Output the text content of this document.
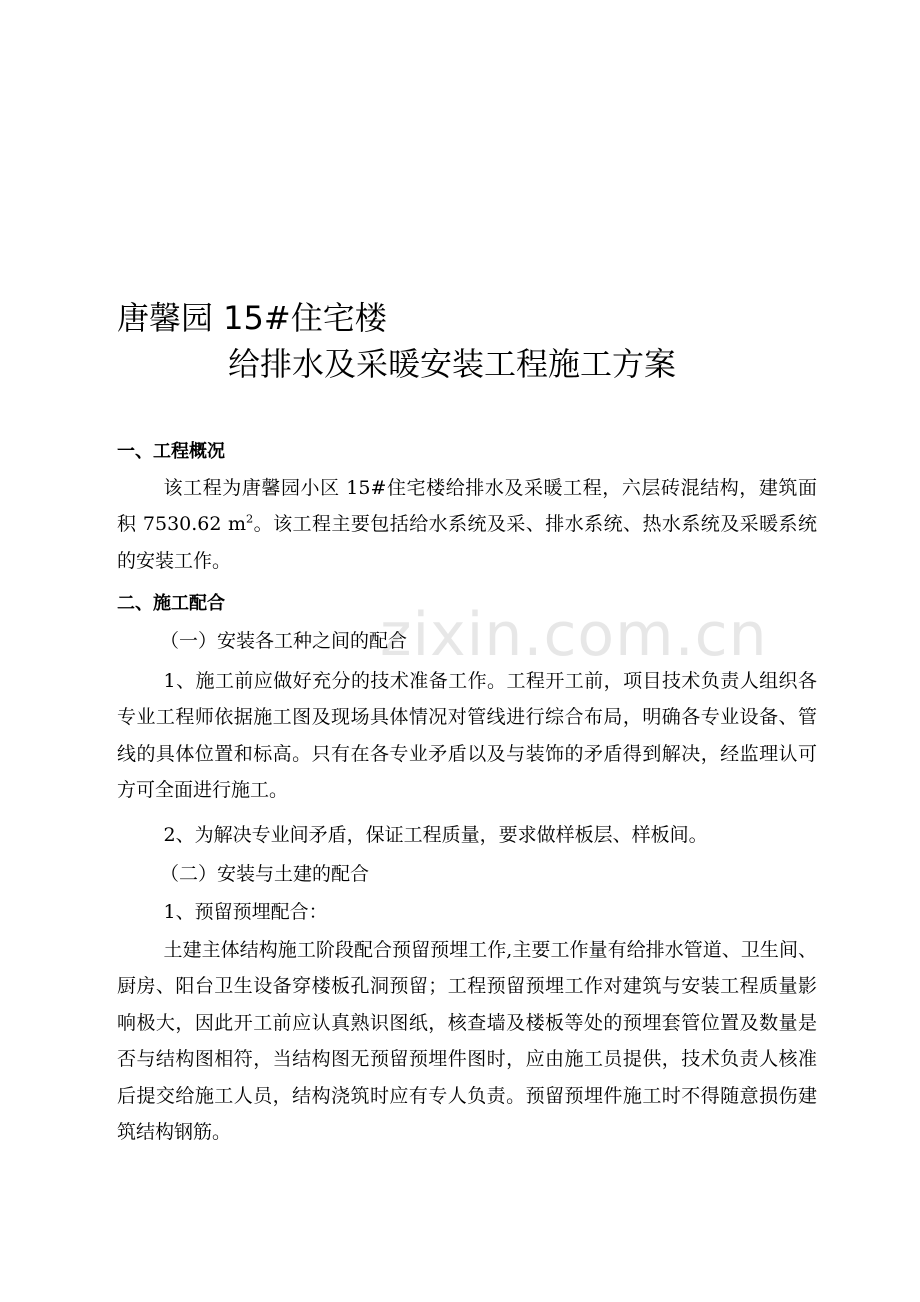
zixin.com.cn
唐馨园 15#住宅楼
给排水及采暖安装工程施工方案
一、工程概况

该工程为唐馨园小区 15#住宅楼给排水及采暖工程，六层砖混结构，建筑面积 7530.62 $m^2$。该工程主要包括给水系统及采、排水系统、热水系统及采暖系统的安装工作。

二、施工配合
（一）安装各工种之间的配合

1、施工前应做好充分的技术准备工作。工程开工前，项目技术负责人组织各专业工程师依据施工图及现场具体情况对管线进行综合布局，明确各专业设备、管线的具体位置和标高。只有在各专业矛盾以及与装饰的矛盾得到解决，经监理认可方可全面进行施工。

2、为解决专业间矛盾，保证工程质量，要求做样板层、样板间。

（二）安装与土建的配合

1、预留预埋配合：

土建主体结构施工阶段配合预留预埋工作,主要工作量有给排水管道、卫生间、厨房、阳台卫生设备穿楼板孔洞预留；工程预留预埋工作对建筑与安装工程质量影响极大，因此开工前应认真熟识图纸，核查墙及楼板等处的预埋套管位置及数量是否与结构图相符，当结构图无预留预埋件图时，应由施工员提供，技术负责人核准后提交给施工人员，结构浇筑时应有专人负责。预留预埋件施工时不得随意损伤建筑结构钢筋。
